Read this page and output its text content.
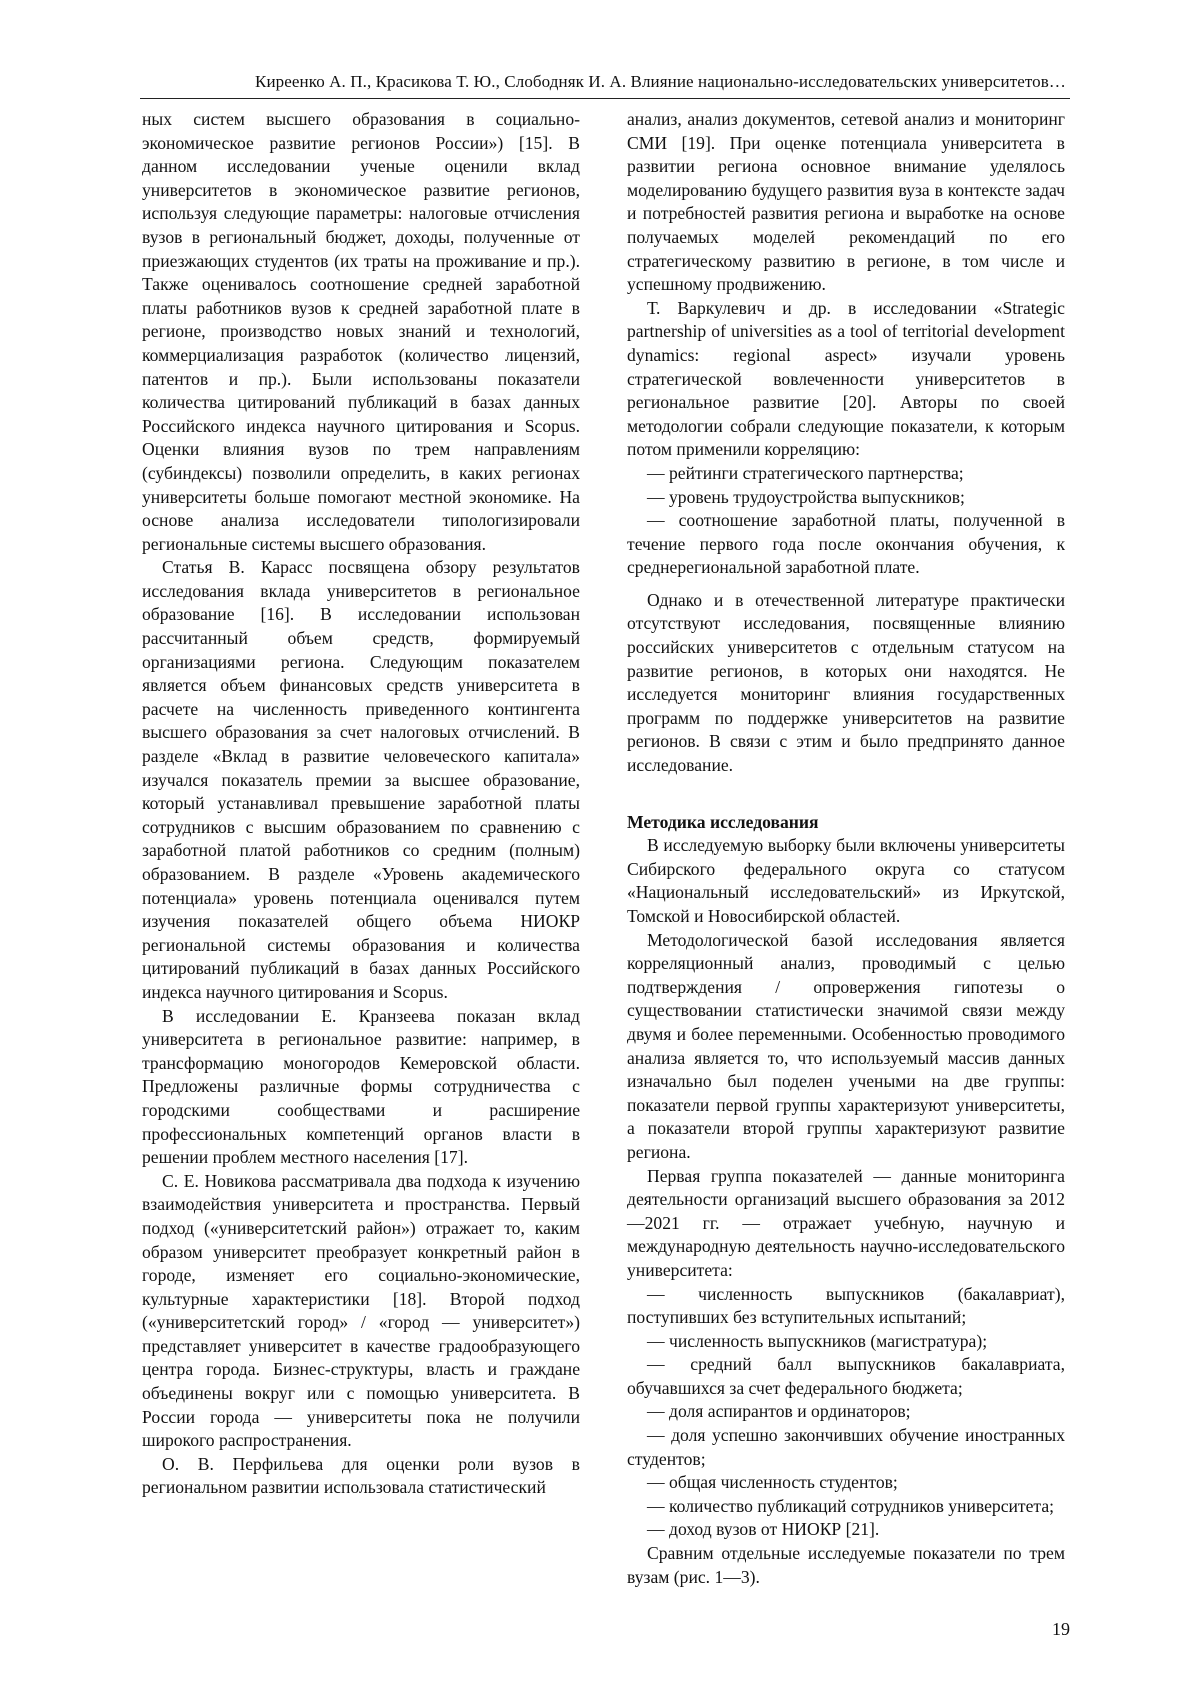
Киреенко А. П., Красикова Т. Ю., Слободняк И. А. Влияние национально-исследовательских университетов…

ных систем высшего образования в социально-экономическое развитие регионов России») [15]. В данном исследовании ученые оценили вклад университетов в экономическое развитие регионов, используя следующие параметры: налоговые отчисления вузов в региональный бюджет, доходы, полученные от приезжающих студентов (их траты на проживание и пр.). Также оценивалось соотношение средней заработной платы работников вузов к средней заработной плате в регионе, производство новых знаний и технологий, коммерциализация разработок (количество лицензий, патентов и пр.). Были использованы показатели количества цитирований публикаций в базах данных Российского индекса научного цитирования и Scopus. Оценки влияния вузов по трем направлениям (субиндексы) позволили определить, в каких регионах университеты больше помогают местной экономике. На основе анализа исследователи типологизировали региональные системы высшего образования.

Статья В. Карасс посвящена обзору результатов исследования вклада университетов в региональное образование [16]. В исследовании использован рассчитанный объем средств, формируемый организациями региона. Следующим показателем является объем финансовых средств университета в расчете на численность приведенного контингента высшего образования за счет налоговых отчислений. В разделе «Вклад в развитие человеческого капитала» изучался показатель премии за высшее образование, который устанавливал превышение заработной платы сотрудников с высшим образованием по сравнению с заработной платой работников со средним (полным) образованием. В разделе «Уровень академического потенциала» уровень потенциала оценивался путем изучения показателей общего объема НИОКР региональной системы образования и количества цитирований публикаций в базах данных Российского индекса научного цитирования и Scopus.

В исследовании Е. Кранзеева показан вклад университета в региональное развитие: например, в трансформацию моногородов Кемеровской области. Предложены различные формы сотрудничества с городскими сообществами и расширение профессиональных компетенций органов власти в решении проблем местного населения [17].

С. Е. Новикова рассматривала два подхода к изучению взаимодействия университета и пространства. Первый подход («университетский район») отражает то, каким образом университет преобразует конкретный район в городе, изменяет его социально-экономические, культурные характеристики [18]. Второй подход («университетский город» / «город — университет») представляет университет в качестве градообразующего центра города. Бизнес-структуры, власть и граждане объединены вокруг или с помощью университета. В России города — университеты пока не получили широкого распространения.

О. В. Перфильева для оценки роли вузов в региональном развитии использовала статистический

анализ, анализ документов, сетевой анализ и мониторинг СМИ [19]. При оценке потенциала университета в развитии региона основное внимание уделялось моделированию будущего развития вуза в контексте задач и потребностей развития региона и выработке на основе получаемых моделей рекомендаций по его стратегическому развитию в регионе, в том числе и успешному продвижению.

Т. Варкулевич и др. в исследовании «Strategic partnership of universities as a tool of territorial development dynamics: regional aspect» изучали уровень стратегической вовлеченности университетов в региональное развитие [20]. Авторы по своей методологии собрали следующие показатели, к которым потом применили корреляцию:

— рейтинги стратегического партнерства;

— уровень трудоустройства выпускников;

— соотношение заработной платы, полученной в течение первого года после окончания обучения, к среднерегиональной заработной плате.

Однако и в отечественной литературе практически отсутствуют исследования, посвященные влиянию российских университетов с отдельным статусом на развитие регионов, в которых они находятся. Не исследуется мониторинг влияния государственных программ по поддержке университетов на развитие регионов. В связи с этим и было предпринято данное исследование.

Методика исследования

В исследуемую выборку были включены университеты Сибирского федерального округа со статусом «Национальный исследовательский» из Иркутской, Томской и Новосибирской областей.

Методологической базой исследования является корреляционный анализ, проводимый с целью подтверждения / опровержения гипотезы о существовании статистически значимой связи между двумя и более переменными. Особенностью проводимого анализа является то, что используемый массив данных изначально был поделен учеными на две группы: показатели первой группы характеризуют университеты, а показатели второй группы характеризуют развитие региона.

Первая группа показателей — данные мониторинга деятельности организаций высшего образования за 2012—2021 гг. — отражает учебную, научную и международную деятельность научно-исследовательского университета:

— численность выпускников (бакалавриат), поступивших без вступительных испытаний;

— численность выпускников (магистратура);

— средний балл выпускников бакалавриата, обучавшихся за счет федерального бюджета;

— доля аспирантов и ординаторов;

— доля успешно закончивших обучение иностранных студентов;

— общая численность студентов;

— количество публикаций сотрудников университета;

— доход вузов от НИОКР [21].

Сравним отдельные исследуемые показатели по трем вузам (рис. 1—3).

19
